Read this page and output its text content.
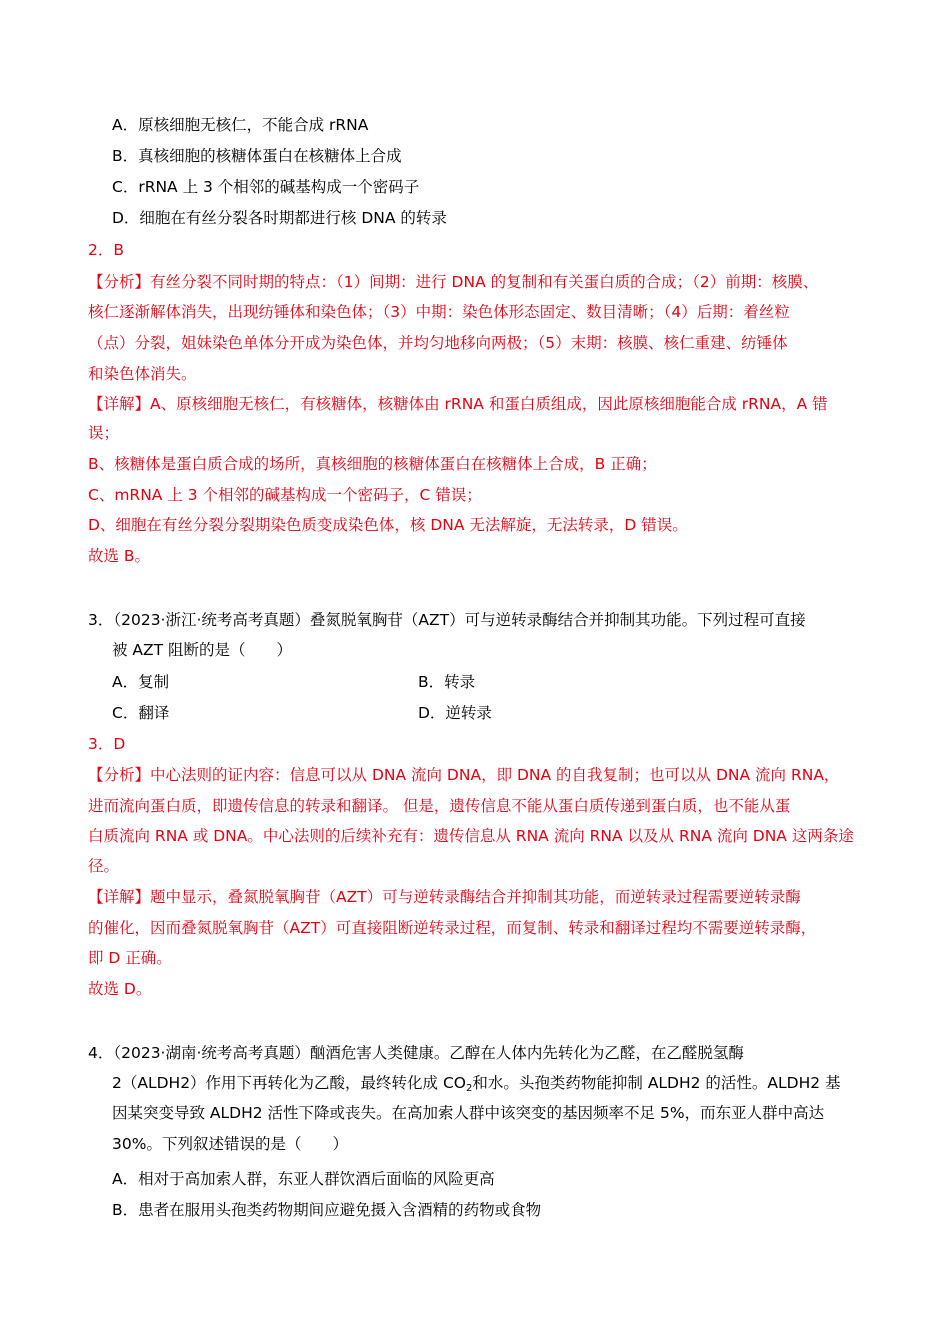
A．原核细胞无核仁，不能合成 rRNA
B．真核细胞的核糖体蛋白在核糖体上合成
C．rRNA 上 3 个相邻的碱基构成一个密码子
D．细胞在有丝分裂各时期都进行核 DNA 的转录
2．B
【分析】有丝分裂不同时期的特点：（1）间期：进行 DNA 的复制和有关蛋白质的合成；（2）前期：核膜、
核仁逐渐解体消失，出现纺锤体和染色体；（3）中期：染色体形态固定、数目清晰；（4）后期：着丝粒
（点）分裂，姐妹染色单体分开成为染色体，并均匀地移向两极；（5）末期：核膜、核仁重建、纺锤体
和染色体消失。
【详解】A、原核细胞无核仁，有核糖体，核糖体由 rRNA 和蛋白质组成，因此原核细胞能合成 rRNA，A 错
误；
B、核糖体是蛋白质合成的场所，真核细胞的核糖体蛋白在核糖体上合成，B 正确；
C、mRNA 上 3 个相邻的碱基构成一个密码子，C 错误；
D、细胞在有丝分裂分裂期染色质变成染色体，核 DNA 无法解旋，无法转录，D 错误。
故选 B。
3．（2023·浙江·统考高考真题）叠氮脱氧胸苷（AZT）可与逆转录酶结合并抑制其功能。下列过程可直接
被 AZT 阻断的是（　　）
A．复制	B．转录
C．翻译	D．逆转录
3．D
【分析】中心法则的证内容：信息可以从 DNA 流向 DNA，即 DNA 的自我复制；也可以从 DNA 流向 RNA，
进而流向蛋白质，即遗传信息的转录和翻译。 但是，遗传信息不能从蛋白质传递到蛋白质，也不能从蛋
白质流向 RNA 或 DNA。中心法则的后续补充有：遗传信息从 RNA 流向 RNA 以及从 RNA 流向 DNA 这两条途
径。
【详解】题中显示，叠氮脱氧胸苷（AZT）可与逆转录酶结合并抑制其功能，而逆转录过程需要逆转录酶
的催化，因而叠氮脱氧胸苷（AZT）可直接阻断逆转录过程，而复制、转录和翻译过程均不需要逆转录酶，
即 D 正确。
故选 D。
4．（2023·湖南·统考高考真题）酗酒危害人类健康。乙醇在人体内先转化为乙醛，在乙醛脱氢酶
2（ALDH2）作用下再转化为乙酸，最终转化成 $CO_2$和水。头孢类药物能抑制 ALDH2 的活性。ALDH2 基
因某突变导致 ALDH2 活性下降或丧失。在高加索人群中该突变的基因频率不足 5%，而东亚人群中高达
30%。下列叙述错误的是（　　）
A．相对于高加索人群，东亚人群饮酒后面临的风险更高
B．患者在服用头孢类药物期间应避免摄入含酒精的药物或食物
